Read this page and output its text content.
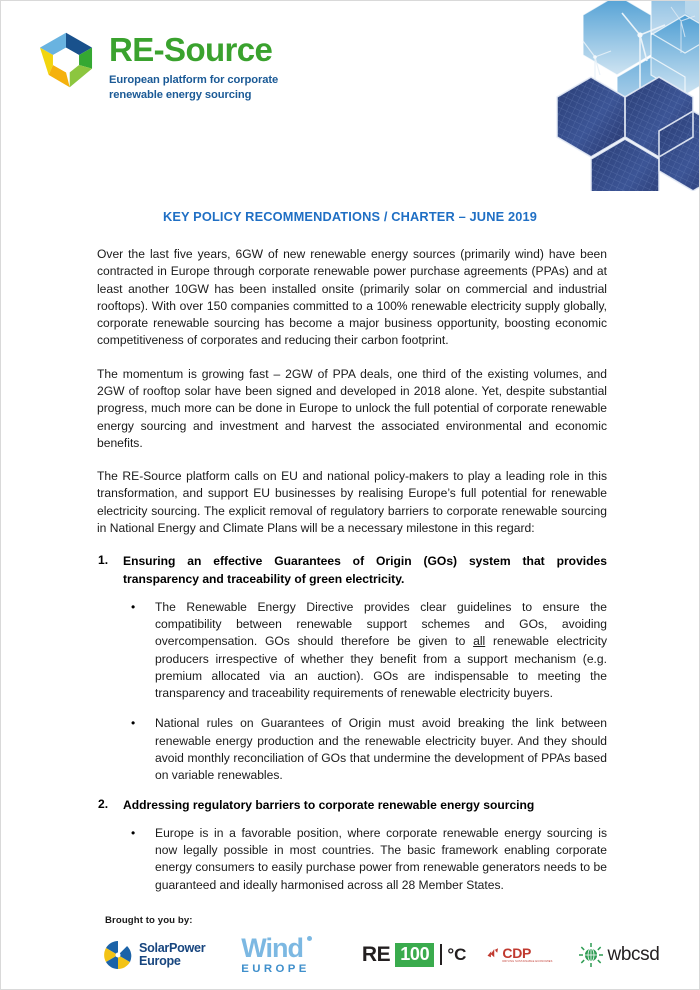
RE-Source
European platform for corporate
renewable energy sourcing
KEY POLICY RECOMMENDATIONS / CHARTER – JUNE 2019

Over the last five years, 6GW of new renewable energy sources (primarily wind) have been contracted in Europe through corporate renewable power purchase agreements (PPAs) and at least another 10GW has been installed onsite (primarily solar on commercial and industrial rooftops). With over 150 companies committed to a 100% renewable electricity supply globally, corporate renewable sourcing has become a major business opportunity, boosting economic competitiveness of corporates and reducing their carbon footprint.

The momentum is growing fast – 2GW of PPA deals, one third of the existing volumes, and 2GW of rooftop solar have been signed and developed in 2018 alone. Yet, despite substantial progress, much more can be done in Europe to unlock the full potential of corporate renewable energy sourcing and investment and harvest the associated environmental and economic benefits.

The RE-Source platform calls on EU and national policy-makers to play a leading role in this transformation, and support EU businesses by realising Europe’s full potential for renewable electricity sourcing. The explicit removal of regulatory barriers to corporate renewable sourcing in National Energy and Climate Plans will be a necessary milestone in this regard:

Ensuring an effective Guarantees of Origin (GOs) system that provides transparency and traceability of green electricity.
• The Renewable Energy Directive provides clear guidelines to ensure the compatibility between renewable support schemes and GOs, avoiding overcompensation. GOs should therefore be given to all renewable electricity producers irrespective of whether they benefit from a support mechanism (e.g. premium allocated via an auction). GOs are indispensable to meeting the transparency and traceability requirements of renewable electricity buyers.

• National rules on Guarantees of Origin must avoid breaking the link between renewable energy production and the renewable electricity buyer. And they should avoid monthly reconciliation of GOs that undermine the development of PPAs based on variable renewables.

Addressing regulatory barriers to corporate renewable energy sourcing
• Europe is in a favorable position, where corporate renewable energy sourcing is now legally possible in most countries. The basic framework enabling corporate energy consumers to easily purchase power from renewable generators needs to be guaranteed and ideally harmonised across all 28 Member States.

Brought to you by:
SolarPower
Europe	Wind
EUROPE
RE 100 °C	CDP
DRIVING SUSTAINABLE ECONOMIES	wbcsd
